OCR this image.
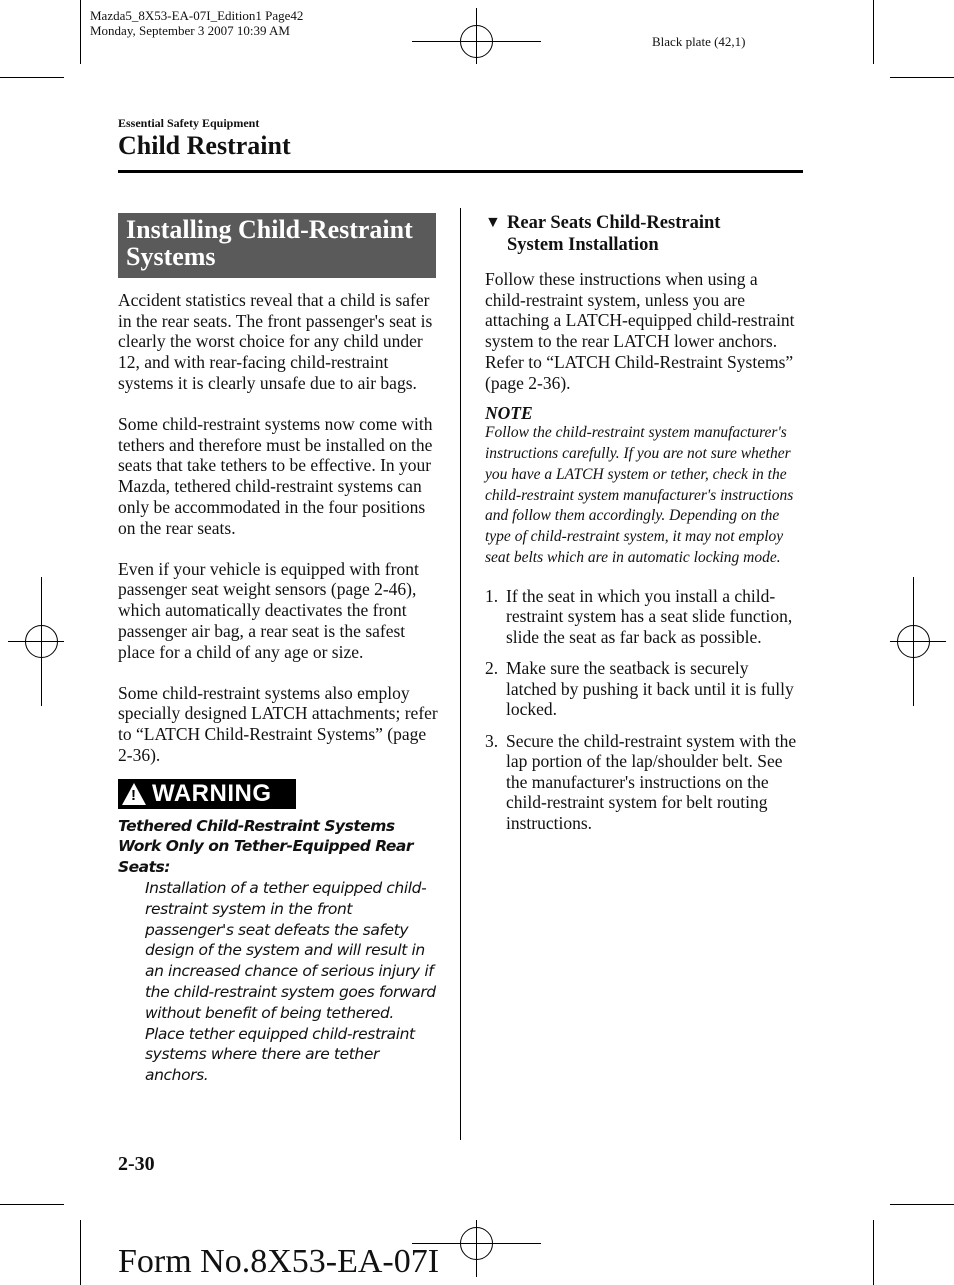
Mazda5_8X53-EA-07I_Edition1 Page42
Monday, September 3 2007 10:39 AM
Black plate (42,1)
Essential Safety Equipment
Child Restraint
Installing Child-Restraint
Systems

Accident statistics reveal that a child is safer in the rear seats. The front passenger's seat is clearly the worst choice for any child under 12, and with rear-facing child-restraint systems it is clearly unsafe due to air bags.

Some child-restraint systems now come with tethers and therefore must be installed on the seats that take tethers to be effective. In your Mazda, tethered child-restraint systems can only be accommodated in the four positions on the rear seats.

Even if your vehicle is equipped with front passenger seat weight sensors (page 2-46), which automatically deactivates the front passenger air bag, a rear seat is the safest place for a child of any age or size.

Some child-restraint systems also employ specially designed LATCH attachments; refer to “LATCH Child-Restraint Systems” (page 2-36).

!
WARNING
Tethered Child-Restraint Systems Work Only on Tether-Equipped Rear Seats:
Installation of a tether equipped child-restraint system in the front passenger's seat defeats the safety design of the system and will result in an increased chance of serious injury if the child-restraint system goes forward without benefit of being tethered.
Place tether equipped child-restraint systems where there are tether anchors.
▼ Rear Seats Child-Restraint
System Installation

Follow these instructions when using a child-restraint system, unless you are attaching a LATCH-equipped child-restraint system to the rear LATCH lower anchors. Refer to “LATCH Child-Restraint Systems” (page 2-36).

NOTE

Follow the child-restraint system manufacturer's instructions carefully. If you are not sure whether you have a LATCH system or tether, check in the child-restraint system manufacturer's instructions and follow them accordingly. Depending on the type of child-restraint system, it may not employ seat belts which are in automatic locking mode.

1. If the seat in which you install a child-restraint system has a seat slide function, slide the seat as far back as possible.
2. Make sure the seatback is securely latched by pushing it back until it is fully locked.
3. Secure the child-restraint system with the lap portion of the lap/shoulder belt. See the manufacturer's instructions on the child-restraint system for belt routing instructions.
2-30
Form No.8X53-EA-07I
